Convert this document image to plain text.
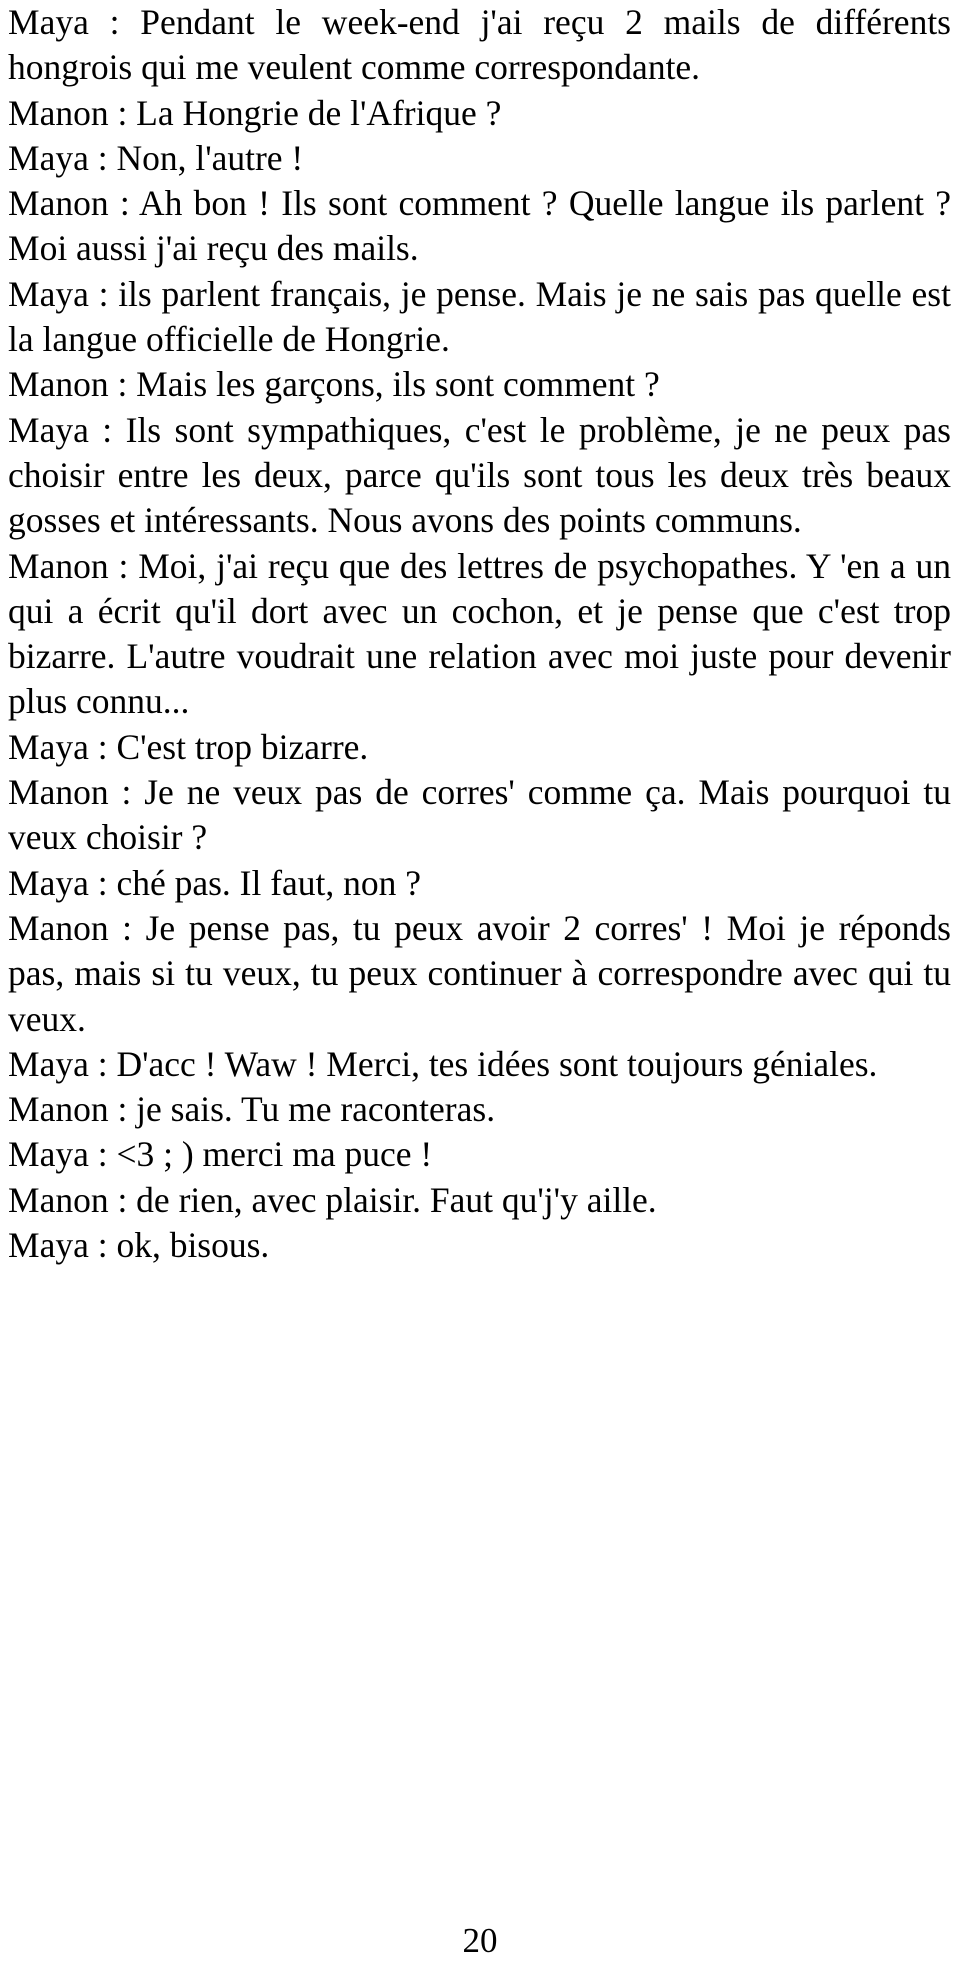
Maya : Pendant le week-end j'ai reçu 2 mails de différents hongrois qui me veulent comme correspondante.

Manon : La Hongrie de l'Afrique ?

Maya : Non, l'autre !

Manon : Ah bon ! Ils sont comment ? Quelle langue ils parlent ? Moi aussi j'ai reçu des mails.

Maya : ils parlent français, je pense. Mais je ne sais pas quelle est la langue officielle de Hongrie.

Manon : Mais les garçons, ils sont comment ?

Maya : Ils sont sympathiques, c'est le problème, je ne peux pas choisir entre les deux, parce qu'ils sont tous les deux très beaux gosses et intéressants. Nous avons des points communs.

Manon : Moi, j'ai reçu que des lettres de psychopathes. Y 'en a un qui a écrit qu'il dort avec un cochon, et je pense que c'est trop bizarre. L'autre voudrait une relation avec moi juste pour devenir plus connu...

Maya : C'est trop bizarre.

Manon : Je ne veux pas de corres' comme ça. Mais pourquoi tu veux choisir ?

Maya : ché pas. Il faut, non ?

Manon : Je pense pas, tu peux avoir 2 corres' ! Moi je réponds pas, mais si tu veux, tu peux continuer à correspondre avec qui tu veux.

Maya : D'acc ! Waw ! Merci, tes idées sont toujours géniales.

Manon : je sais. Tu me raconteras.

Maya : <3 ; ) merci ma puce !

Manon : de rien, avec plaisir. Faut qu'j'y aille.

Maya : ok, bisous.

20
